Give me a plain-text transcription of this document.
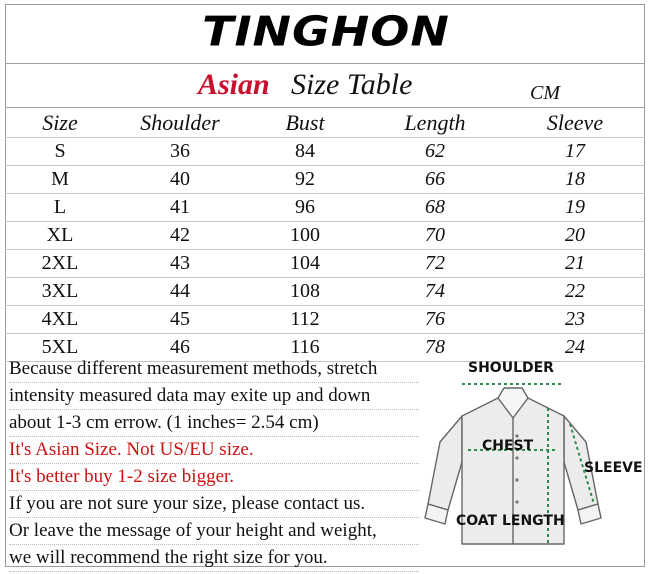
TINGHON
Asian Size Table	CM
Size	Shoulder	Bust	Length	Sleeve
S	36	84	62	17
M	40	92	66	18
L	41	96	68	19
XL	42	100	70	20
2XL	43	104	72	21
3XL	44	108	74	22
4XL	45	112	76	23
5XL	46	116	78	24
Because different measurement methods, stretch
intensity measured data may exite up and down
about 1-3 cm errow. (1 inches= 2.54 cm)
It's Asian Size. Not US/EU size.
It's better buy 1-2 size bigger.
If you are not sure your size, please contact us.
Or leave the message of your height and weight,
we will recommend the right size for you.
SHOULDER
CHEST
SLEEVE
COAT LENGTH
